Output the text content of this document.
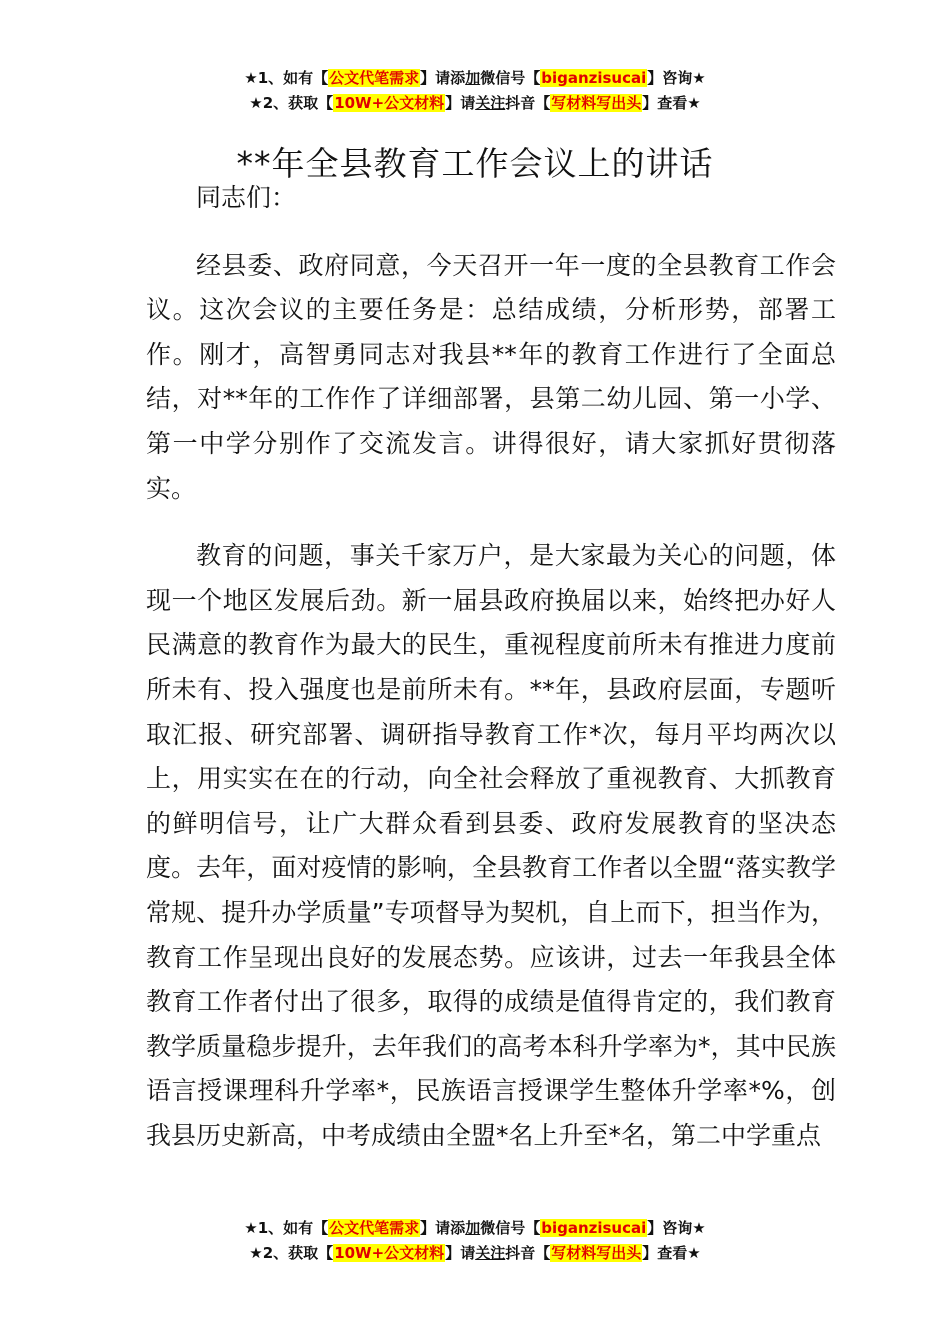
★1、如有【公文代笔需求】请添加微信号【biganzisucai】咨询★
★2、获取【10W+公文材料】请关注抖音【写材料写出头】查看★
**年全县教育工作会议上的讲话

同志们：

经县委、政府同意，今天召开一年一度的全县教育工作会议。这次会议的主要任务是：总结成绩，分析形势，部署工作。刚才，高智勇同志对我县**年的教育工作进行了全面总结，对**年的工作作了详细部署，县第二幼儿园、第一小学、第一中学分别作了交流发言。讲得很好，请大家抓好贯彻落实。

教育的问题，事关千家万户，是大家最为关心的问题，体现一个地区发展后劲。新一届县政府换届以来，始终把办好人民满意的教育作为最大的民生，重视程度前所未有推进力度前所未有、投入强度也是前所未有。**年，县政府层面，专题听取汇报、研究部署、调研指导教育工作*次，每月平均两次以上，用实实在在的行动，向全社会释放了重视教育、大抓教育的鲜明信号，让广大群众看到县委、政府发展教育的坚决态度。去年，面对疫情的影响，全县教育工作者以全盟“落实教学常规、提升办学质量”专项督导为契机，自上而下，担当作为，教育工作呈现出良好的发展态势。应该讲，过去一年我县全体教育工作者付出了很多，取得的成绩是值得肯定的，我们教育教学质量稳步提升，去年我们的高考本科升学率为*，其中民族语言授课理科升学率*，民族语言授课学生整体升学率*%，创我县历史新高，中考成绩由全盟*名上升至*名，第二中学重点

★1、如有【公文代笔需求】请添加微信号【biganzisucai】咨询★
★2、获取【10W+公文材料】请关注抖音【写材料写出头】查看★
